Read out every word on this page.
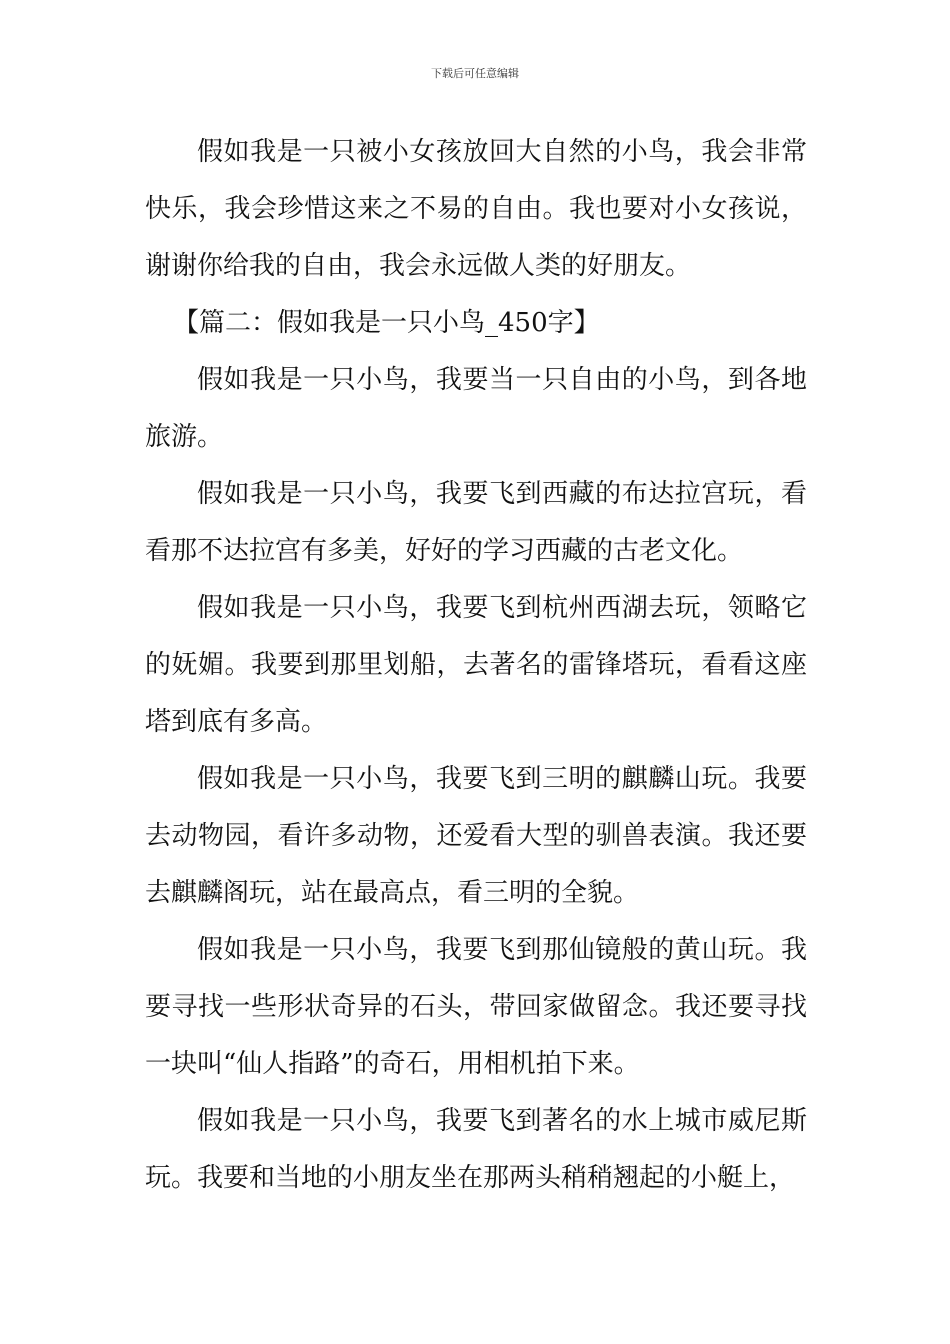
下载后可任意编辑

假如我是一只被小女孩放回大自然的小鸟，我会非常快乐，我会珍惜这来之不易的自由。我也要对小女孩说，谢谢你给我的自由，我会永远做人类的好朋友。

【篇二：假如我是一只小鸟_450字】

假如我是一只小鸟，我要当一只自由的小鸟，到各地旅游。

假如我是一只小鸟，我要飞到西藏的布达拉宫玩，看看那不达拉宫有多美，好好的学习西藏的古老文化。

假如我是一只小鸟，我要飞到杭州西湖去玩，领略它的妩媚。我要到那里划船，去著名的雷锋塔玩，看看这座塔到底有多高。

假如我是一只小鸟，我要飞到三明的麒麟山玩。我要去动物园，看许多动物，还爱看大型的驯兽表演。我还要去麒麟阁玩，站在最高点，看三明的全貌。

假如我是一只小鸟，我要飞到那仙镜般的黄山玩。我要寻找一些形状奇异的石头，带回家做留念。我还要寻找一块叫“仙人指路”的奇石，用相机拍下来。

假如我是一只小鸟，我要飞到著名的水上城市威尼斯玩。我要和当地的小朋友坐在那两头稍稍翘起的小艇上，
